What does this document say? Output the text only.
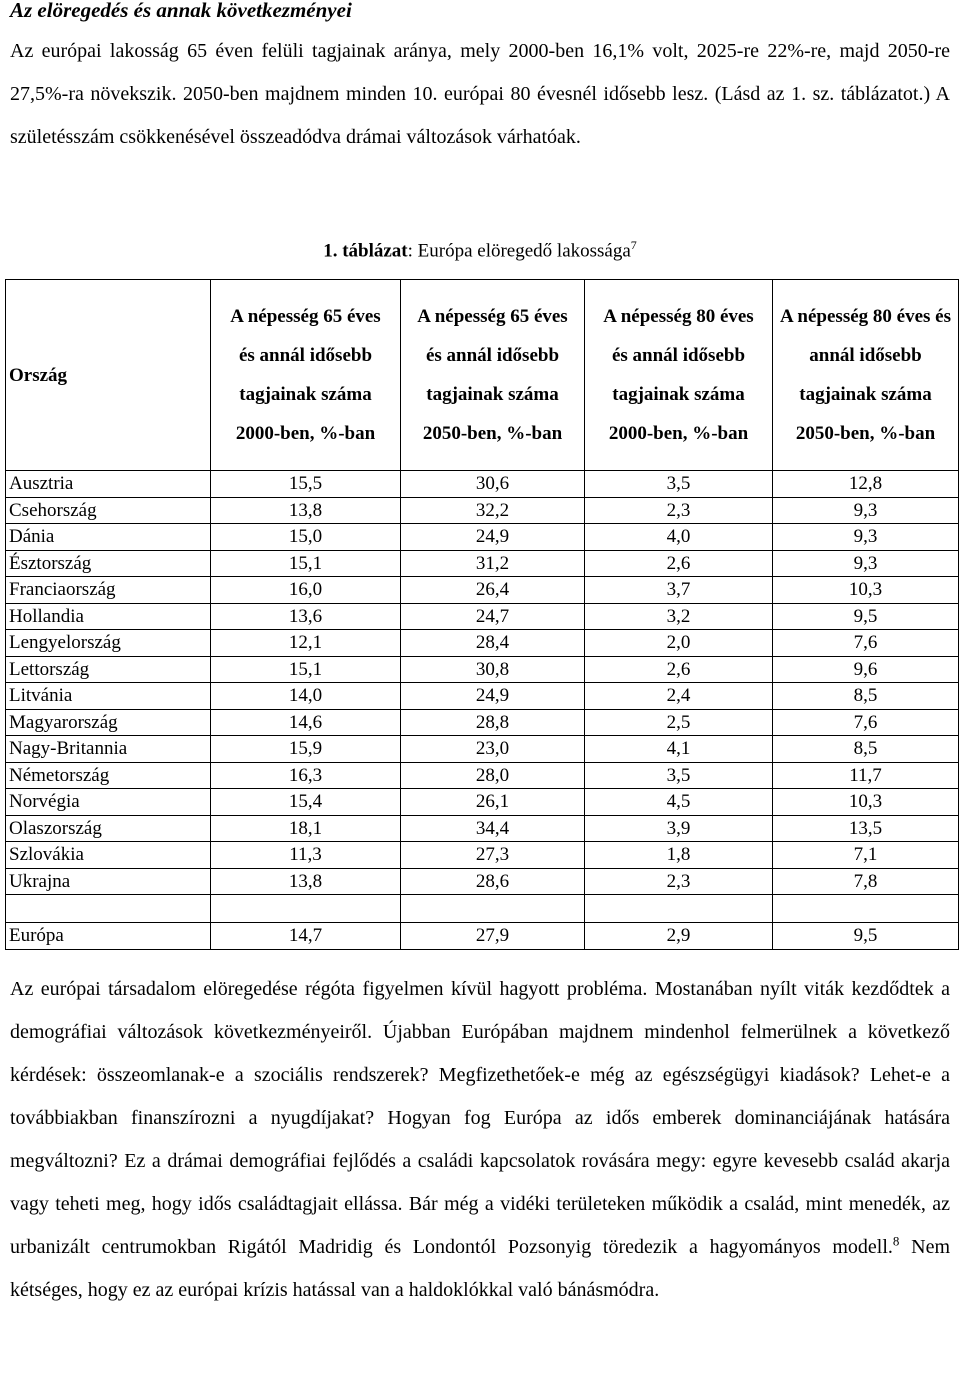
Az elöregedés és annak következményei
Az európai lakosság 65 éven felüli tagjainak aránya, mely 2000-ben 16,1% volt, 2025-re 22%-re, majd 2050-re 27,5%-ra növekszik. 2050-ben majdnem minden 10. európai 80 évesnél idősebb lesz. (Lásd az 1. sz. táblázatot.) A születésszám csökkenésével összeadódva drámai változások várhatóak.
1. táblázat: Európa elöregedő lakossága$^7$
Ország	A népesség 65 éves és annál idősebb tagjainak száma 2000-ben, %-ban	A népesség 65 éves és annál idősebb tagjainak száma 2050-ben, %-ban	A népesség 80 éves és annál idősebb tagjainak száma 2000-ben, %-ban	A népesség 80 éves és annál idősebb tagjainak száma 2050-ben, %-ban
Ausztria	15,5	30,6	3,5	12,8
Csehország	13,8	32,2	2,3	9,3
Dánia	15,0	24,9	4,0	9,3
Észtország	15,1	31,2	2,6	9,3
Franciaország	16,0	26,4	3,7	10,3
Hollandia	13,6	24,7	3,2	9,5
Lengyelország	12,1	28,4	2,0	7,6
Lettország	15,1	30,8	2,6	9,6
Litvánia	14,0	24,9	2,4	8,5
Magyarország	14,6	28,8	2,5	7,6
Nagy-Britannia	15,9	23,0	4,1	8,5
Németország	16,3	28,0	3,5	11,7
Norvégia	15,4	26,1	4,5	10,3
Olaszország	18,1	34,4	3,9	13,5
Szlovákia	11,3	27,3	1,8	7,1
Ukrajna	13,8	28,6	2,3	7,8

Európa	14,7	27,9	2,9	9,5
Az európai társadalom elöregedése régóta figyelmen kívül hagyott probléma. Mostanában nyílt viták kezdődtek a demográfiai változások következményeiről. Újabban Európában majdnem mindenhol felmerülnek a következő kérdések: összeomlanak-e a szociális rendszerek? Megfizethetőek-e még az egészségügyi kiadások? Lehet-e a továbbiakban finanszírozni a nyugdíjakat? Hogyan fog Európa az idős emberek dominanciájának hatására megváltozni? Ez a drámai demográfiai fejlődés a családi kapcsolatok rovására megy: egyre kevesebb család akarja vagy teheti meg, hogy idős családtagjait ellássa. Bár még a vidéki területeken működik a család, mint menedék, az urbanizált centrumokban Rigától Madridig és Londontól Pozsonyig töredezik a hagyományos modell.$^8$ Nem kétséges, hogy ez az európai krízis hatással van a haldoklókkal való bánásmódra.
